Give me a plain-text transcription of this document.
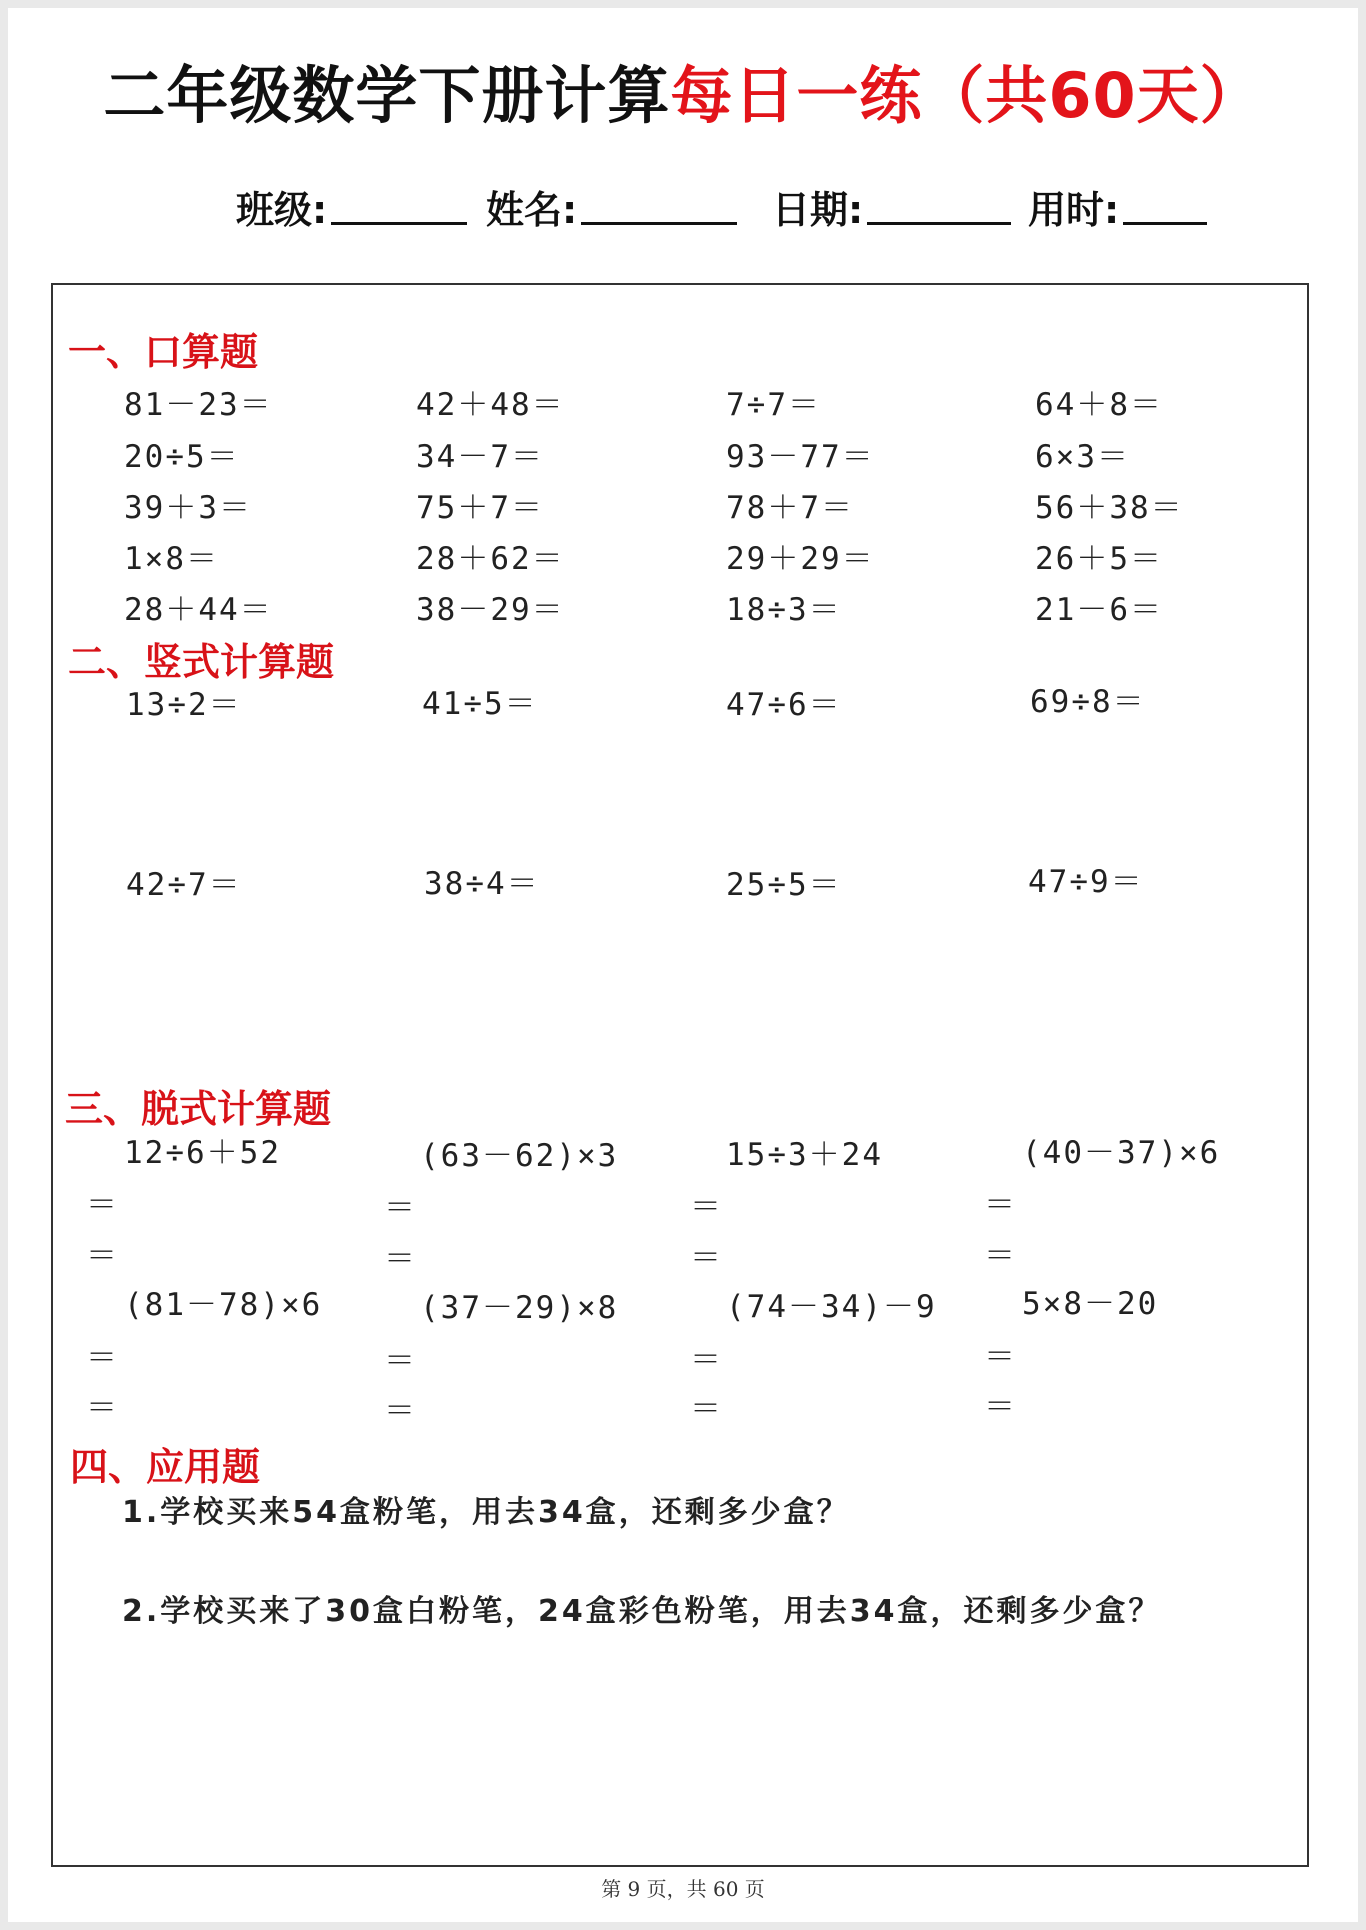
二年级数学下册计算每日一练（共60天）
班级:	姓名:	日期:	用时:
一、口算题
81－23＝	42＋48＝	7÷7＝	64＋8＝
20÷5＝	34－7＝	93－77＝	6×3＝
39＋3＝	75＋7＝	78＋7＝	56＋38＝
1×8＝	28＋62＝	29＋29＝	26＋5＝
28＋44＝	38－29＝	18÷3＝	21－6＝
二、竖式计算题
13÷2＝	41÷5＝	47÷6＝	69÷8＝
42÷7＝	38÷4＝	25÷5＝	47÷9＝
三、脱式计算题
12÷6＋52	(63－62)×3	15÷3＋24	(40－37)×6
＝	＝	＝	＝
＝	＝	＝	＝
(81－78)×6	(37－29)×8	(74－34)－9	5×8－20
＝	＝	＝	＝
＝	＝	＝	＝
四、应用题
1.学校买来54盒粉笔，用去34盒，还剩多少盒？
2.学校买来了30盒白粉笔，24盒彩色粉笔，用去34盒，还剩多少盒？
第 9 页，共 60 页
